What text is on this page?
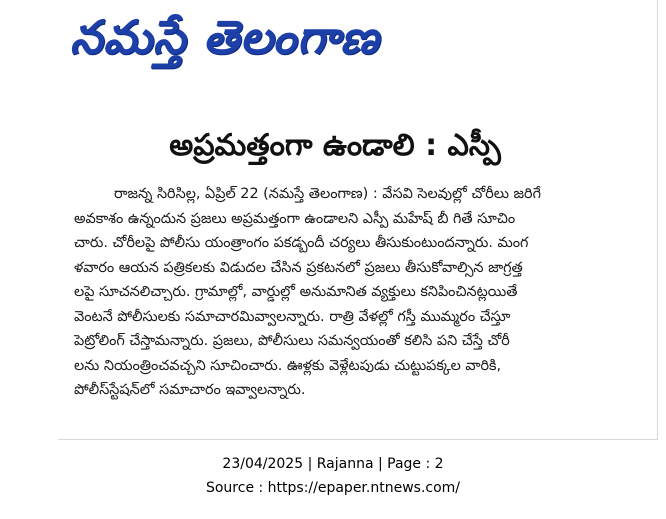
నమస్తే తెలంగాణ
అప్రమత్తంగా ఉండాలి : ఎస్పీ
రాజన్న సిరిసిల్ల, ఏప్రిల్ 22 (నమస్తే తెలంగాణ) : వేసవి సెలవుల్లో చోరీలు జరిగే
అవకాశం ఉన్నందున ప్రజలు అప్రమత్తంగా ఉండాలని ఎస్పీ మహేష్ బీ గితే సూచిం
చారు. చోరీలపై పోలీసు యంత్రాంగం పకడ్బందీ చర్యలు తీసుకుంటుందన్నారు. మంగ
ళవారం ఆయన పత్రికలకు విడుదల చేసిన ప్రకటనలో ప్రజలు తీసుకోవాల్సిన జాగ్రత్త
లపై సూచనలిచ్చారు. గ్రామాల్లో, వార్డుల్లో అనుమానిత వ్యక్తులు కనిపించినట్లయితే
వెంటనే పోలీసులకు సమాచారమివ్వాలన్నారు. రాత్రి వేళల్లో గస్తీ ముమ్మరం చేస్తూ
పెట్రోలింగ్ చేస్తామన్నారు. ప్రజలు, పోలీసులు సమన్వయంతో కలిసి పని చేస్తే చోరీ
లను నియంత్రించవచ్చని సూచించారు. ఊళ్లకు వెళ్లేటపుడు చుట్టుపక్కల వారికి,
పోలీస్‌స్టేషన్‌లో సమాచారం ఇవ్వాలన్నారు.
23/04/2025 | Rajanna | Page : 2
Source : https://epaper.ntnews.com/
